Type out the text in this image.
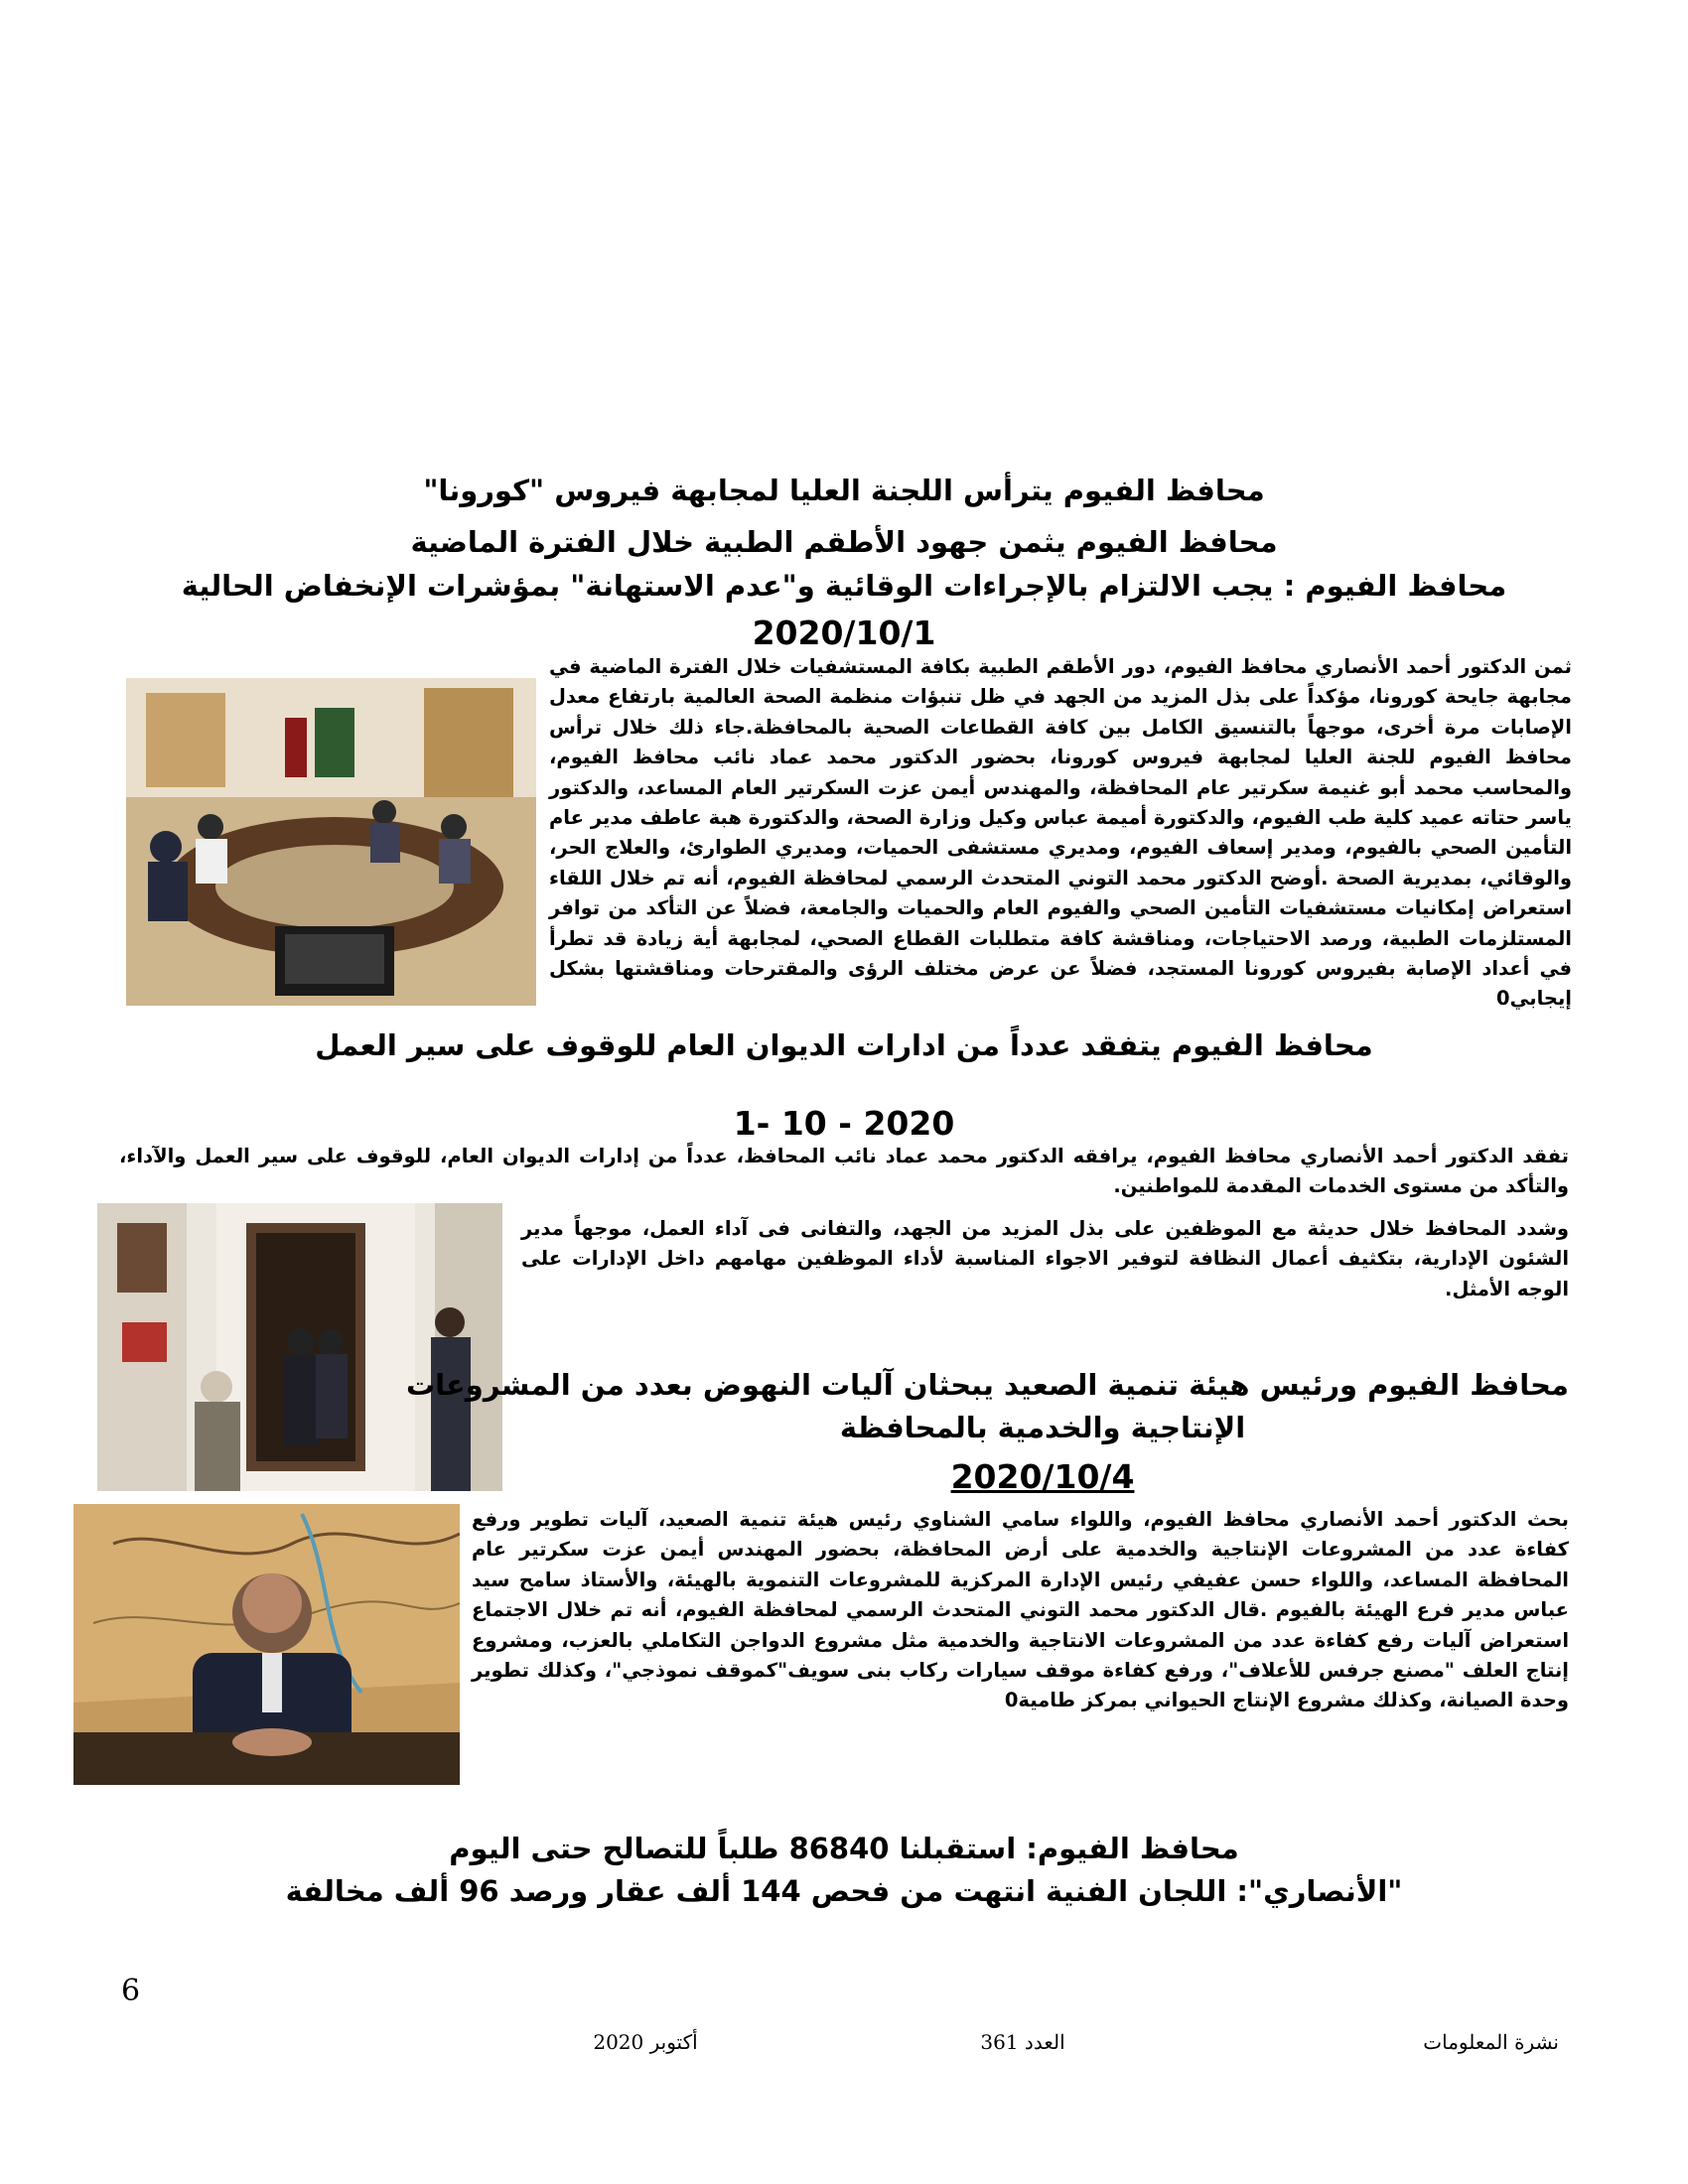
محافظ الفيوم يترأس اللجنة العليا لمجابهة فيروس "كورونا"
محافظ الفيوم يثمن جهود الأطقم الطبية خلال الفترة الماضية
محافظ الفيوم : يجب الالتزام بالإجراءات الوقائية و"عدم الاستهانة" بمؤشرات الإنخفاض الحالية
2020/10/1
ثمن الدكتور أحمد الأنصاري محافظ الفيوم، دور الأطقم الطبية بكافة المستشفيات خلال الفترة الماضية في مجابهة جايحة كورونا، مؤكداً على بذل المزيد من الجهد في ظل تنبؤات منظمة الصحة العالمية بارتفاع معدل الإصابات مرة أخرى، موجهاً بالتنسيق الكامل بين كافة القطاعات الصحية بالمحافظة.جاء ذلك خلال ترأس محافظ الفيوم للجنة العليا لمجابهة فيروس كورونا، بحضور الدكتور محمد عماد نائب محافظ الفيوم، والمحاسب محمد أبو غنيمة سكرتير عام المحافظة، والمهندس أيمن عزت السكرتير العام المساعد، والدكتور ياسر حتاته عميد كلية طب الفيوم، والدكتورة أميمة عباس وكيل وزارة الصحة، والدكتورة هبة عاطف مدير عام التأمين الصحي بالفيوم، ومدير إسعاف الفيوم، ومديري مستشفى الحميات، ومديري الطوارئ، والعلاج الحر، والوقائي، بمديرية الصحة .أوضح الدكتور محمد التوني المتحدث الرسمي لمحافظة الفيوم، أنه تم خلال اللقاء استعراض إمكانيات مستشفيات التأمين الصحي والفيوم العام والحميات والجامعة، فضلاً عن التأكد من توافر المستلزمات الطبية، ورصد الاحتياجات، ومناقشة كافة متطلبات القطاع الصحي، لمجابهة أية زيادة قد تطرأ في أعداد الإصابة بفيروس كورونا المستجد، فضلاً عن عرض مختلف الرؤى والمقترحات ومناقشتها بشكل إيجابي0
محافظ الفيوم يتفقد عدداً من ادارات الديوان العام للوقوف على سير العمل
1- 10 - 2020
تفقد الدكتور أحمد الأنصاري محافظ الفيوم، يرافقه الدكتور محمد عماد نائب المحافظ، عدداً من إدارات الديوان العام، للوقوف على سير العمل والآداء، والتأكد من مستوى الخدمات المقدمة للمواطنين.
وشدد المحافظ خلال حديثة مع الموظفين على بذل المزيد من الجهد، والتفانى فى آداء العمل، موجهاً مدير الشئون الإدارية، بتكثيف أعمال النظافة لتوفير الاجواء المناسبة لأداء الموظفين مهامهم داخل الإدارات على الوجه الأمثل.
محافظ الفيوم ورئيس هيئة تنمية الصعيد يبحثان آليات النهوض بعدد من المشروعات
الإنتاجية والخدمية بالمحافظة
2020/10/4
بحث الدكتور أحمد الأنصاري محافظ الفيوم، واللواء سامي الشناوي رئيس هيئة تنمية الصعيد، آليات تطوير ورفع كفاءة عدد من المشروعات الإنتاجية والخدمية على أرض المحافظة، بحضور المهندس أيمن عزت سكرتير عام المحافظة المساعد، واللواء حسن عفيفي رئيس الإدارة المركزية للمشروعات التنموية بالهيئة، والأستاذ سامح سيد عباس مدير فرع الهيئة بالفيوم .قال الدكتور محمد التوني المتحدث الرسمي لمحافظة الفيوم، أنه تم خلال الاجتماع استعراض آليات رفع كفاءة عدد من المشروعات الانتاجية والخدمية مثل مشروع الدواجن التكاملي بالعزب، ومشروع إنتاج العلف "مصنع جرفس للأعلاف"، ورفع كفاءة موقف سيارات ركاب بنى سويف"كموقف نموذجي"، وكذلك تطوير وحدة الصيانة، وكذلك مشروع الإنتاج الحيواني بمركز طامية0
محافظ الفيوم: استقبلنا 86840 طلباً للتصالح حتى اليوم
"الأنصاري": اللجان الفنية انتهت من فحص 144 ألف عقار ورصد 96 ألف مخالفة
6
أكتوبر 2020	العدد 361	نشرة المعلومات
